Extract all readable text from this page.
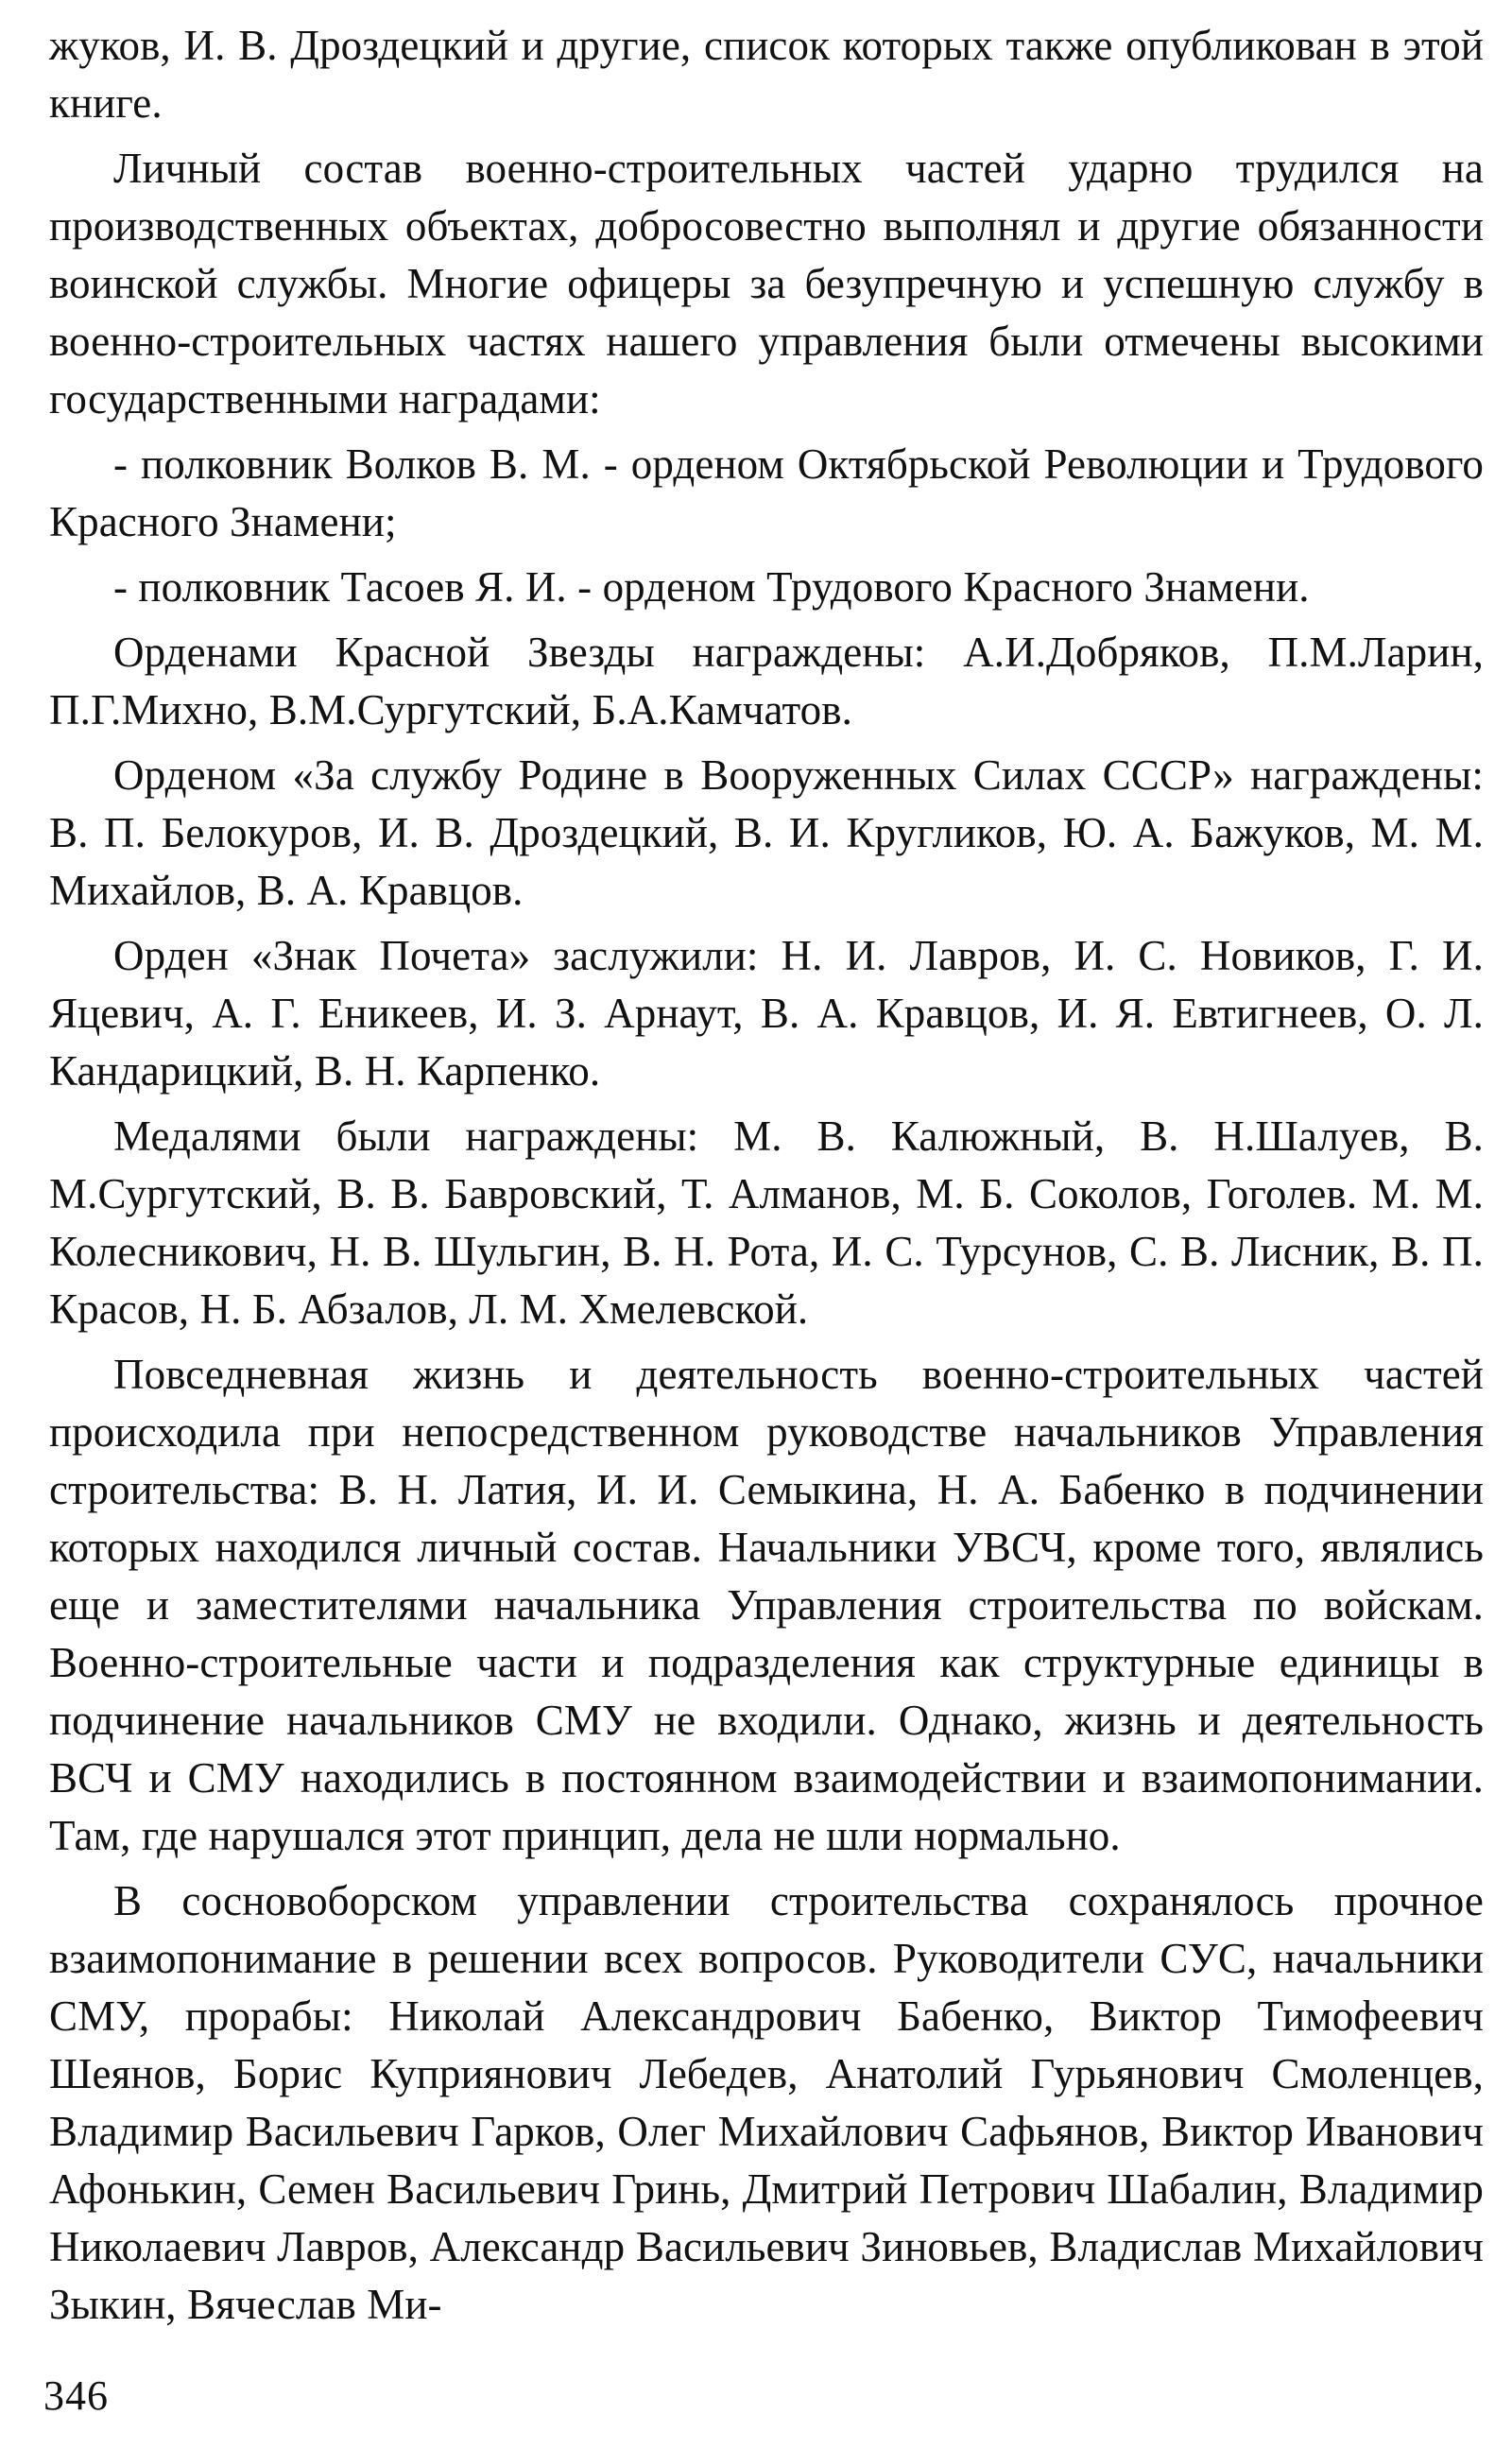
жуков, И. В. Дроздецкий и другие, список которых также опубликован в этой книге.

Личный состав военно-строительных частей ударно трудился на производственных объектах, добросовестно выполнял и другие обязанности воинской службы. Многие офицеры за безупречную и успешную службу в военно-строительных частях нашего управления были отмечены высокими государственными наградами:

- полковник Волков В. М. - орденом Октябрьской Революции и Трудового Красного Знамени;

- полковник Тасоев Я. И. - орденом Трудового Красного Знамени.

Орденами Красной Звезды награждены: А.И.Добряков, П.М.Ларин, П.Г.Михно, В.М.Сургутский, Б.А.Камчатов.

Орденом «За службу Родине в Вооруженных Силах СССР» награждены: В. П. Белокуров, И. В. Дроздецкий, В. И. Кругликов, Ю. А. Бажуков, М. М. Михайлов, В. А. Кравцов.

Орден «Знак Почета» заслужили: Н. И. Лавров, И. С. Новиков, Г. И. Яцевич, А. Г. Еникеев, И. З. Арнаут, В. А. Кравцов, И. Я. Евтигнеев, О. Л. Кандарицкий, В. Н. Карпенко.

Медалями были награждены: М. В. Калюжный, В. Н.Шалуев, В. М.Сургутский, В. В. Бавровский, Т. Алманов, М. Б. Соколов, Гоголев. М. М. Колесникович, Н. В. Шульгин, В. Н. Рота, И. С. Турсунов, С. В. Лисник, В. П. Красов, Н. Б. Абзалов, Л. М. Хмелевской.

Повседневная жизнь и деятельность военно-строительных частей происходила при непосредственном руководстве начальников Управления строительства: В. Н. Латия, И. И. Семыкина, Н. А. Бабенко в подчинении которых находился личный состав. Начальники УВСЧ, кроме того, являлись еще и заместителями начальника Управления строительства по войскам. Военно-строительные части и подразделения как структурные единицы в подчинение начальников СМУ не входили. Однако, жизнь и деятельность ВСЧ и СМУ находились в постоянном взаимодействии и взаимопонимании. Там, где нарушался этот принцип, дела не шли нормально.

В сосновоборском управлении строительства сохранялось прочное взаимопонимание в решении всех вопросов. Руководители СУС, начальники СМУ, прорабы: Николай Александрович Бабенко, Виктор Тимофеевич Шеянов, Борис Куприянович Лебедев, Анатолий Гурьянович Смоленцев, Владимир Васильевич Гарков, Олег Михайлович Сафьянов, Виктор Иванович Афонькин, Семен Васильевич Гринь, Дмитрий Петрович Шабалин, Владимир Николаевич Лавров, Александр Васильевич Зиновьев, Владислав Михайлович Зыкин, Вячеслав Ми-

346
